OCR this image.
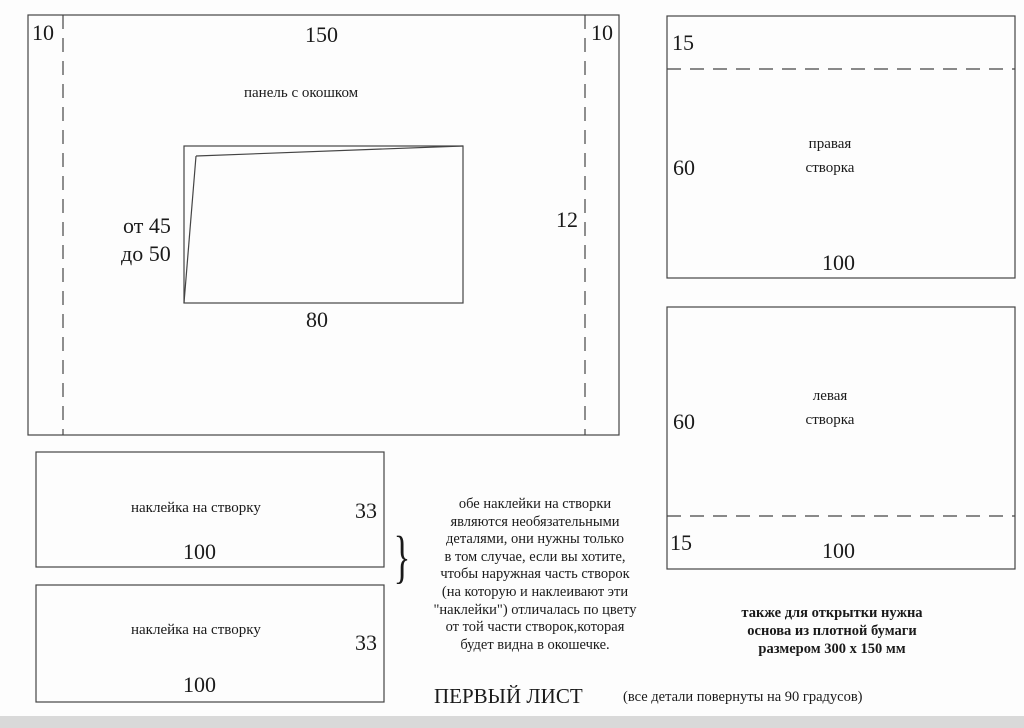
10	150	10
панель с окошком
от 45
до 50
12
80
15
правая
створка
60
100
левая
створка
60
15	100
наклейка на створку	33
100
наклейка на створку	33
100
}
обе наклейки на створки
являются необязательными
деталями, они нужны только
в том случае, если вы хотите,
чтобы наружная часть створок
(на которую и наклеивают эти
"наклейки") отличалась по цвету
от той части створок,которая
будет видна в окошечке.
также для открытки нужна
основа из плотной бумаги
размером 300 х 150 мм
ПЕРВЫЙ ЛИСТ	(все детали повернуты на 90 градусов)
